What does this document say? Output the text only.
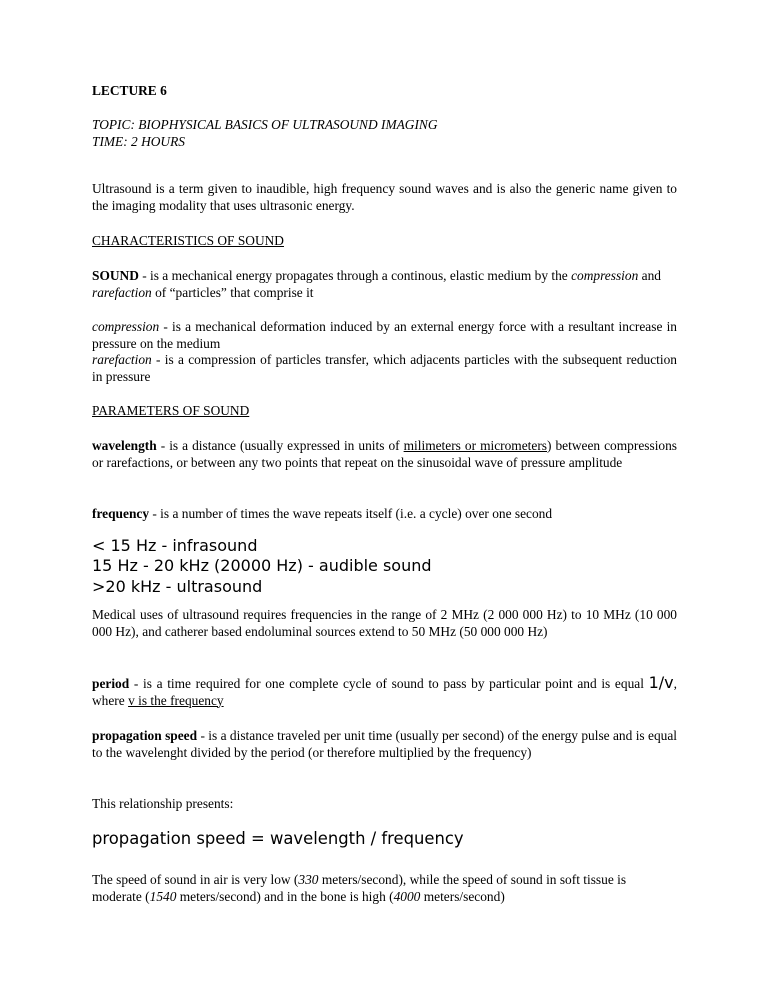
LECTURE 6

TOPIC: BIOPHYSICAL BASICS OF ULTRASOUND IMAGING

TIME: 2 HOURS

Ultrasound is a term given to inaudible, high frequency sound waves and is also the generic name given to the imaging modality that uses ultrasonic energy.

CHARACTERISTICS OF SOUND

SOUND - is a mechanical energy propagates through a continous, elastic medium by the compression and rarefaction of “particles” that comprise it

compression - is a mechanical deformation induced by an external energy force with a resultant increase in pressure on the medium

rarefaction - is a compression of particles transfer, which adjacents particles with the subsequent reduction in pressure

PARAMETERS OF SOUND

wavelength - is a distance (usually expressed in units of milimeters or micrometers) between compressions or rarefactions, or between any two points that repeat on the sinusoidal wave of pressure amplitude

frequency - is a number of times the wave repeats itself (i.e. a cycle) over one second

< 15 Hz - infrasound

15 Hz - 20 kHz (20000 Hz) - audible sound

>20 kHz - ultrasound

Medical uses of ultrasound requires frequencies in the range of 2 MHz (2 000 000 Hz) to 10 MHz (10 000 000 Hz), and catherer based endoluminal sources extend to 50 MHz (50 000 000 Hz)

period - is a time required for one complete cycle of sound to pass by particular point and is equal 1/v, where v is the frequency

propagation speed - is a distance traveled per unit time (usually per second) of the energy pulse and is equal to the wavelenght divided by the period (or therefore multiplied by the frequency)

This relationship presents:

propagation speed = wavelength / frequency

The speed of sound in air is very low (330 meters/second), while the speed of sound in soft tissue is moderate (1540 meters/second) and in the bone is high (4000 meters/second)
